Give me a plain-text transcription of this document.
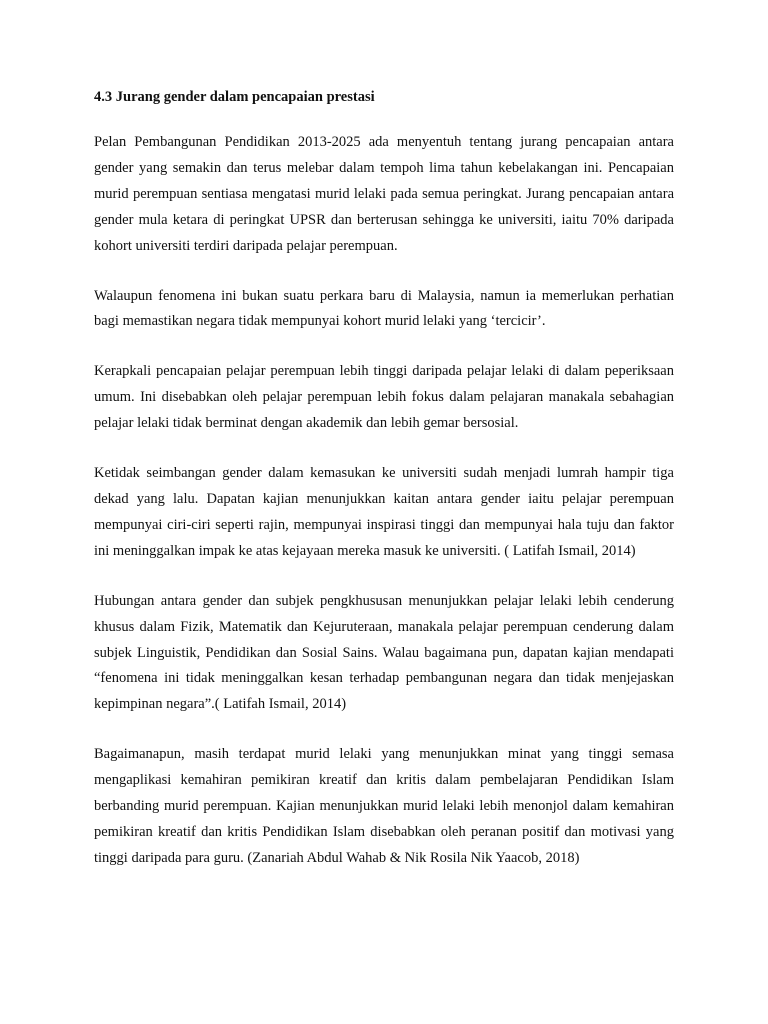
4.3 Jurang gender dalam pencapaian prestasi

Pelan Pembangunan Pendidikan 2013-2025 ada menyentuh tentang jurang pencapaian antara gender yang semakin dan terus melebar dalam tempoh lima tahun kebelakangan ini. Pencapaian murid perempuan sentiasa mengatasi murid lelaki pada semua peringkat. Jurang pencapaian antara gender mula ketara di peringkat UPSR dan berterusan sehingga ke universiti, iaitu 70% daripada kohort universiti terdiri daripada pelajar perempuan.

Walaupun fenomena ini bukan suatu perkara baru di Malaysia, namun ia memerlukan perhatian bagi memastikan negara tidak mempunyai kohort murid lelaki yang ‘tercicir’.

Kerapkali pencapaian pelajar perempuan lebih tinggi daripada pelajar lelaki di dalam peperiksaan umum. Ini disebabkan oleh pelajar perempuan lebih fokus dalam pelajaran manakala sebahagian pelajar lelaki tidak berminat dengan akademik dan lebih gemar bersosial.

Ketidak seimbangan gender dalam kemasukan ke universiti sudah menjadi lumrah hampir tiga dekad yang lalu. Dapatan kajian menunjukkan kaitan antara gender iaitu pelajar perempuan mempunyai ciri-ciri seperti rajin, mempunyai inspirasi tinggi dan mempunyai hala tuju dan faktor ini meninggalkan impak ke atas kejayaan mereka masuk ke universiti. ( Latifah Ismail, 2014)

Hubungan antara gender dan subjek pengkhususan menunjukkan pelajar lelaki lebih cenderung khusus dalam Fizik, Matematik dan Kejuruteraan, manakala pelajar perempuan cenderung dalam subjek Linguistik, Pendidikan dan Sosial Sains. Walau bagaimana pun, dapatan kajian mendapati “fenomena ini tidak meninggalkan kesan terhadap pembangunan negara dan tidak menjejaskan kepimpinan negara”.( Latifah Ismail, 2014)

Bagaimanapun, masih terdapat murid lelaki yang menunjukkan minat yang tinggi semasa mengaplikasi kemahiran pemikiran kreatif dan kritis dalam pembelajaran Pendidikan Islam berbanding murid perempuan. Kajian menunjukkan murid lelaki lebih menonjol dalam kemahiran pemikiran kreatif dan kritis Pendidikan Islam disebabkan oleh peranan positif dan motivasi yang tinggi daripada para guru. (Zanariah Abdul Wahab & Nik Rosila Nik Yaacob, 2018)
